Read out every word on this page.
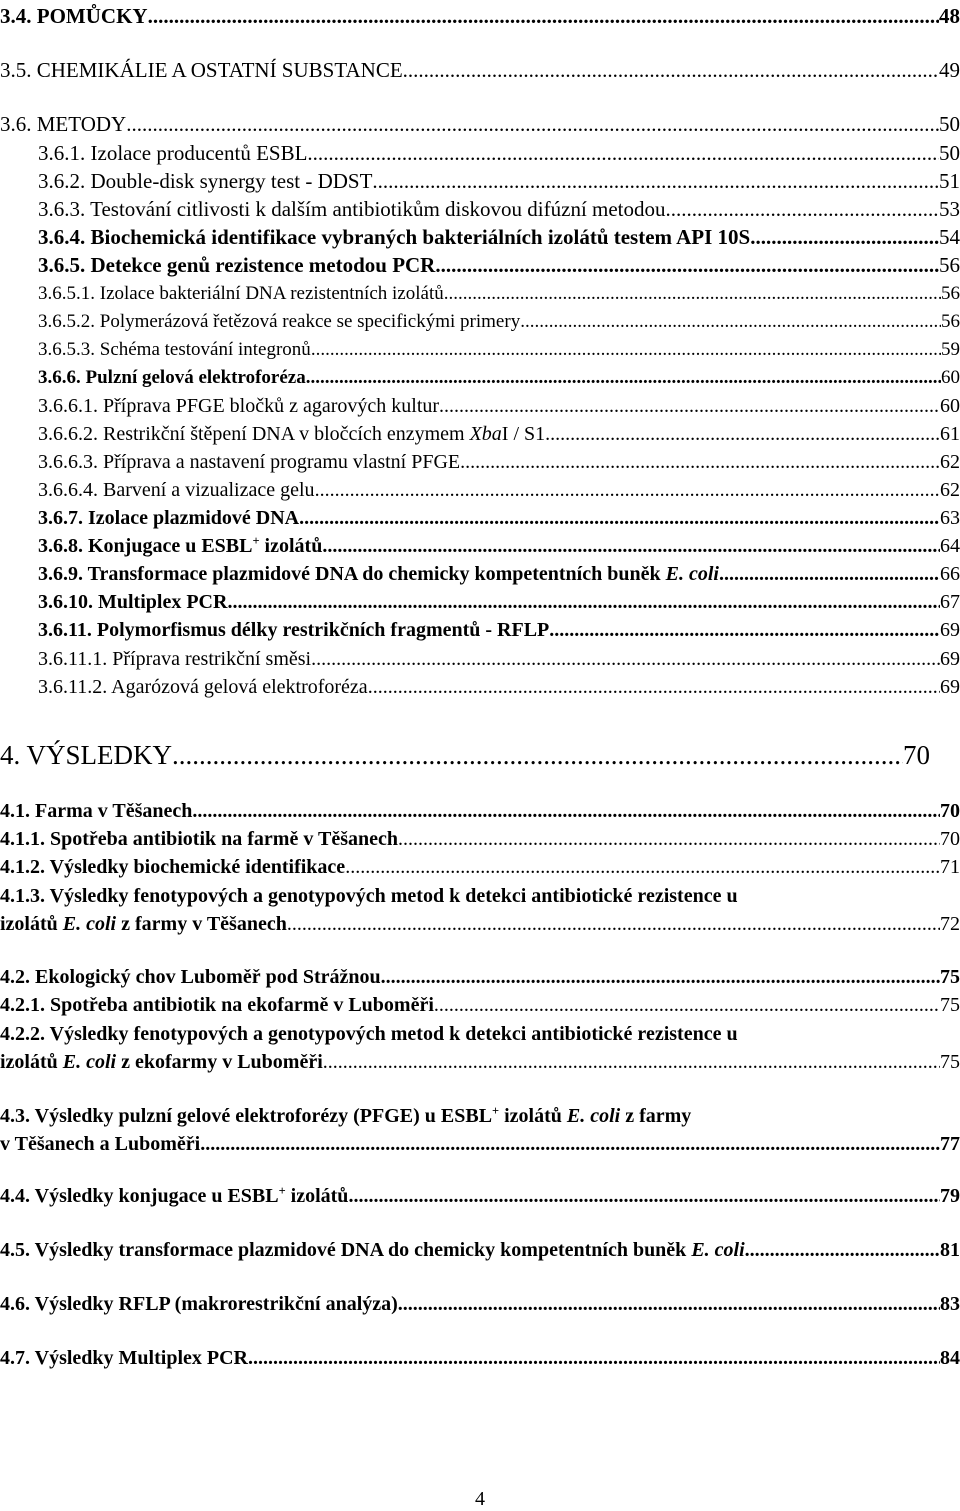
3.4. POMŮCKY .....	48
3.5. CHEMIKÁLIE A OSTATNÍ SUBSTANCE .....	49
3.6. METODY .....	50
3.6.1. Izolace producentů ESBL .....	50
3.6.2. Double-disk synergy test - DDST .....	51
3.6.3. Testování citlivosti k dalším antibiotikům diskovou difúzní metodou .....	53
3.6.4. Biochemická identifikace vybraných bakteriálních izolátů testem API 10S .....	54
3.6.5. Detekce genů rezistence metodou PCR .....	56
3.6.5.1. Izolace bakteriální DNA rezistentních izolátů .....	56
3.6.5.2. Polymerázová řetězová reakce se specifickými primery .....	56
3.6.5.3. Schéma testování integronů .....	59
3.6.6. Pulzní gelová elektroforéza .....	60
3.6.6.1. Příprava PFGE bločků z agarových kultur .....	60
3.6.6.2. Restrikční štěpení DNA v bločcích enzymem XbaI / S1 .....	61
3.6.6.3. Příprava a nastavení programu vlastní PFGE .....	62
3.6.6.4. Barvení a vizualizace gelu .....	62
3.6.7. Izolace plazmidové DNA .....	63
3.6.8. Konjugace u ESBL+ izolátů .....	64
3.6.9. Transformace plazmidové DNA do chemicky kompetentních buněk E. coli .....	66
3.6.10. Multiplex PCR .....	67
3.6.11. Polymorfismus délky restrikčních fragmentů - RFLP .....	69
3.6.11.1. Příprava restrikční směsi .....	69
3.6.11.2. Agarózová gelová elektroforéza .....	69
4. VÝSLEDKY .....	70
4.1. Farma v Těšanech .....	70
4.1.1. Spotřeba antibiotik na farmě v Těšanech .....	70
4.1.2. Výsledky biochemické identifikace .....	71
4.1.3. Výsledky fenotypových a genotypových metod k detekci antibiotické rezistence u
izolátů E. coli z farmy v Těšanech .....	72
4.2. Ekologický chov Luboměř pod Strážnou .....	75
4.2.1. Spotřeba antibiotik na ekofarmě v Luboměři .....	75
4.2.2. Výsledky fenotypových a genotypových metod k detekci antibiotické rezistence u
izolátů E. coli z ekofarmy v Luboměři .....	75
4.3. Výsledky pulzní gelové elektroforézy (PFGE) u ESBL+ izolátů E. coli z farmy
v Těšanech a Luboměři .....	77
4.4. Výsledky konjugace u ESBL+ izolátů .....	79
4.5. Výsledky transformace plazmidové DNA do chemicky kompetentních buněk E. coli .....	81
4.6. Výsledky RFLP (makrorestrikční analýza) .....	83
4.7. Výsledky Multiplex PCR .....	84
4
